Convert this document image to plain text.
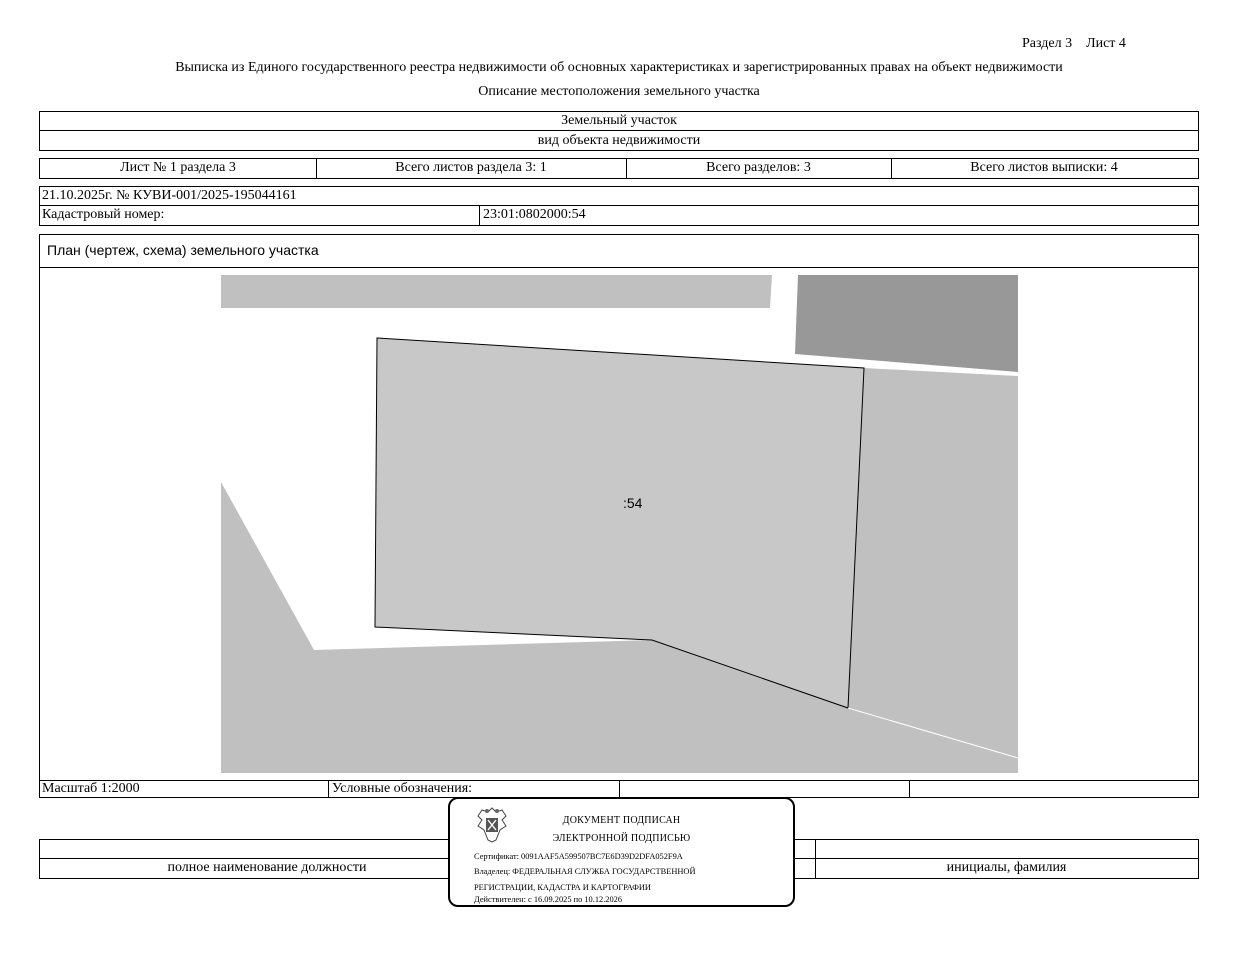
Раздел 3 Лист 4
Выписка из Единого государственного реестра недвижимости об основных характеристиках и зарегистрированных правах на объект недвижимости
Описание местоположения земельного участка
Земельный участок
вид объекта недвижимости
Лист № 1 раздела 3	Всего листов раздела 3: 1	Всего разделов: 3	Всего листов выписки: 4
21.10.2025г. № КУВИ-001/2025-195044161
Кадастровый номер:	23:01:0802000:54
План (чертеж, схема) земельного участка
:54
Масштаб 1:2000	Условные обозначения:
полное наименование должности	инициалы, фамилия
ДОКУМЕНТ ПОДПИСАН
ЭЛЕКТРОННОЙ ПОДПИСЬЮ
Сертификат: 0091AAF5A599507BC7E6D39D2DFA052F9A
Владелец: ФЕДЕРАЛЬНАЯ СЛУЖБА ГОСУДАРСТВЕННОЙ
РЕГИСТРАЦИИ, КАДАСТРА И КАРТОГРАФИИ
Действителен: с 16.09.2025 по 10.12.2026
